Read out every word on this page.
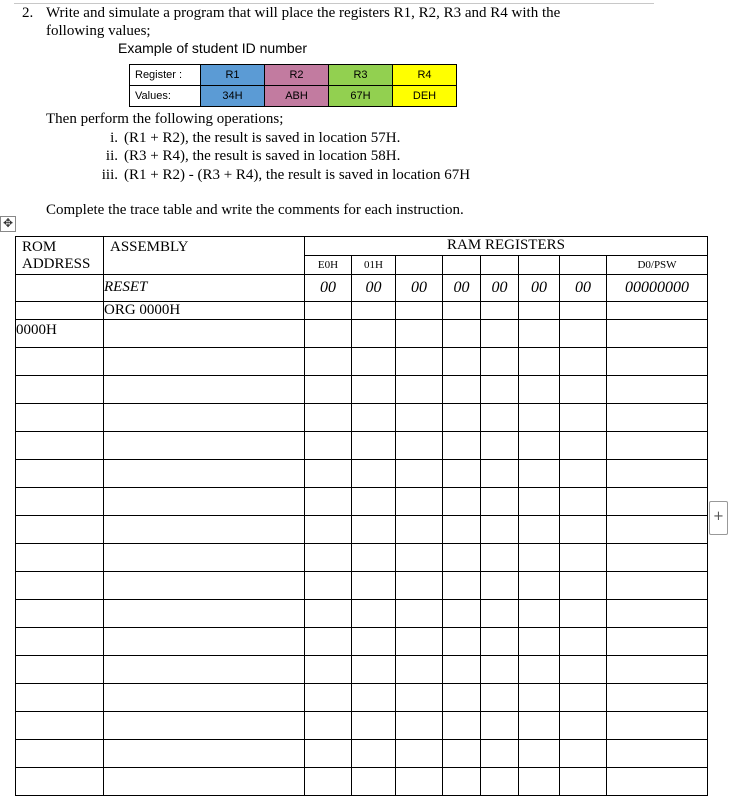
2. Write and simulate a program that will place the registers R1, R2, R3 and R4 with the
following values;
Example of student ID number
Register :	R1	R2	R3	R4
Values:	34H	ABH	67H	DEH
Then perform the following operations;
i. (R1 + R2), the result is saved in location 57H.
ii. (R3 + R4), the result is saved in location 58H.
iii. (R1 + R2) - (R3 + R4), the result is saved in location 67H
Complete the trace table and write the comments for each instruction.
✥
ROM
ADDRESS	ASSEMBLY	RAM REGISTERS							
		E0H	01H						D0/PSW
	RESET	00	00	00	00	00	00	00	00000000
	ORG 0000H								
0000H									

+
